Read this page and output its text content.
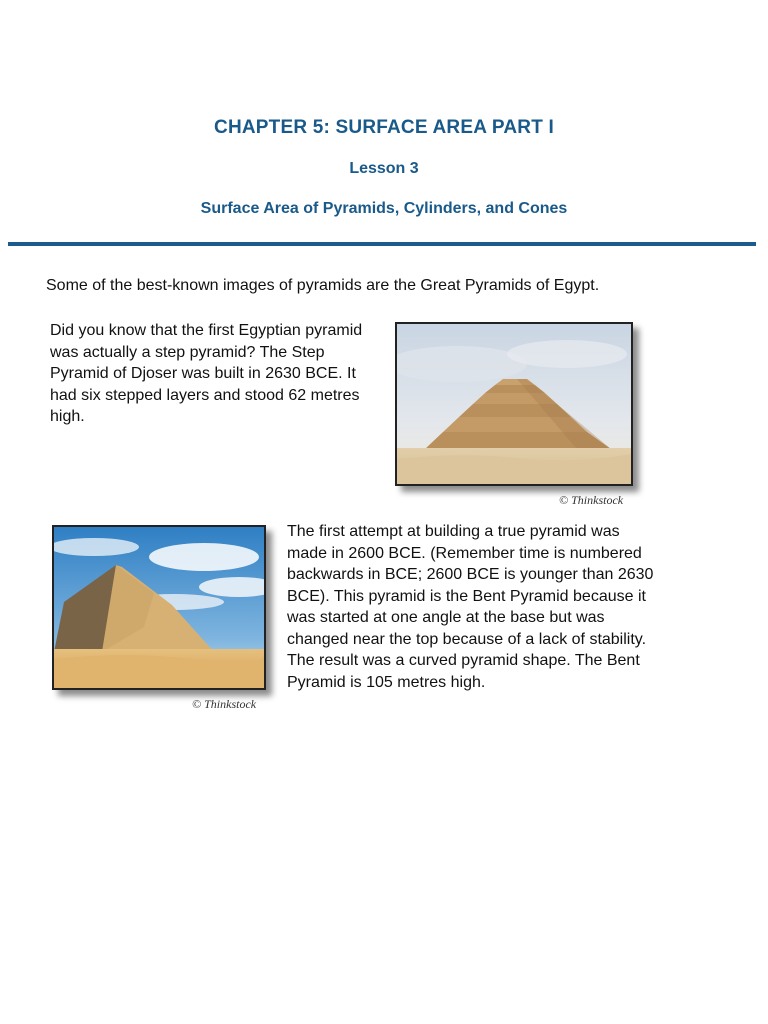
CHAPTER 5: SURFACE AREA PART I
Lesson 3
Surface Area of Pyramids, Cylinders, and Cones

Some of the best-known images of pyramids are the Great Pyramids of Egypt.

Did you know that the first Egyptian pyramid was actually a step pyramid? The Step Pyramid of Djoser was built in 2630 BCE. It had six stepped layers and stood 62 metres high.

© Thinkstock
© Thinkstock
The first attempt at building a true pyramid was
made in 2600 BCE. (Remember time is numbered backwards in BCE; 2600 BCE is younger than 2630 BCE). This pyramid is the Bent Pyramid because it was started at one angle at the base but was changed near the top because of a lack of stability. The result was a curved pyramid shape. The Bent Pyramid is 105 metres high.
